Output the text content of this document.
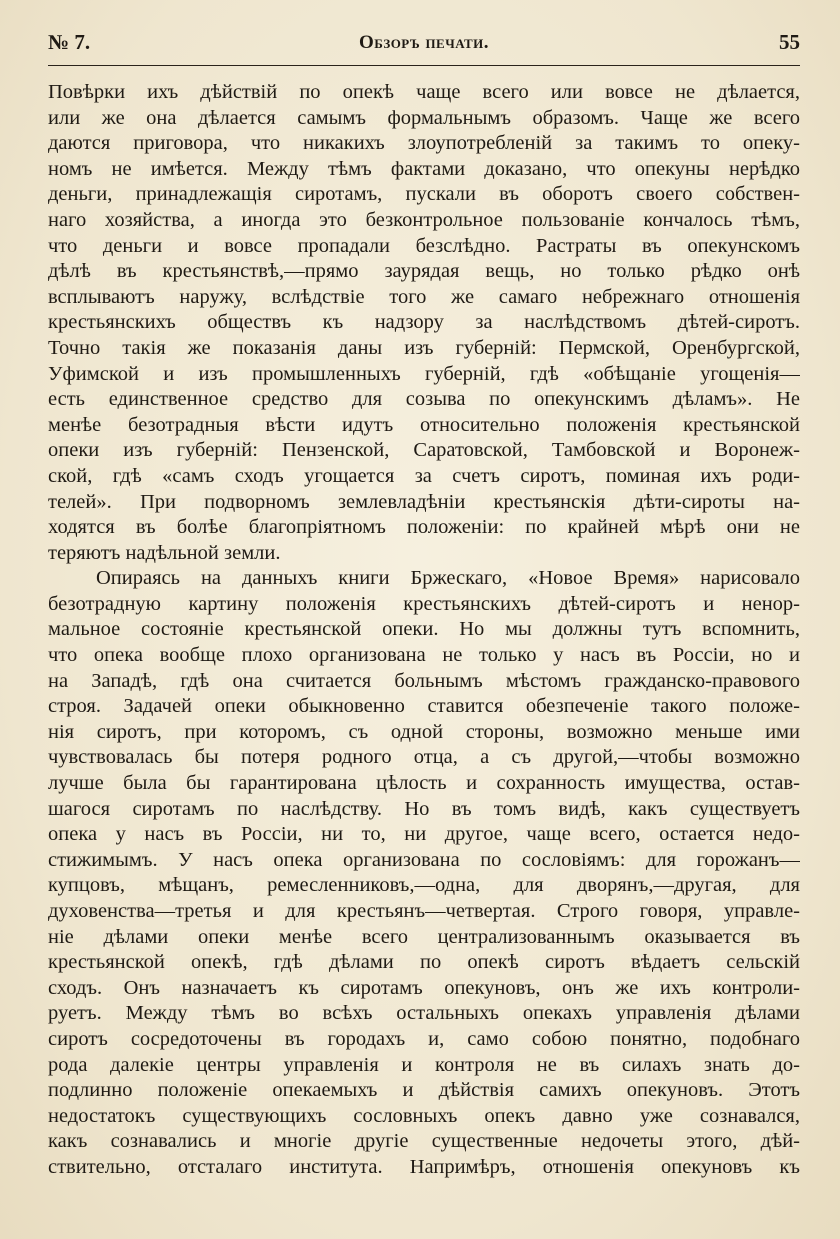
№ 7.	Обзоръ печати.	55
Повѣрки ихъ дѣйствій по опекѣ чаще всего или вовсе не дѣлается,
или же она дѣлается самымъ формальнымъ образомъ. Чаще же всего
даются приговора, что никакихъ злоупотребленій за такимъ то опеку-
номъ не имѣется. Между тѣмъ фактами доказано, что опекуны нерѣдко
деньги, принадлежащія сиротамъ, пускали въ оборотъ своего собствен-
наго хозяйства, а иногда это безконтрольное пользованіе кончалось тѣмъ,
что деньги и вовсе пропадали безслѣдно. Растраты въ опекунскомъ
дѣлѣ въ крестьянствѣ,—прямо заурядая вещь, но только рѣдко онѣ
всплываютъ наружу, вслѣдствіе того же самаго небрежнаго отношенія
крестьянскихъ обществъ къ надзору за наслѣдствомъ дѣтей-сиротъ.
Точно такія же показанія даны изъ губерній: Пермской, Оренбургской,
Уфимской и изъ промышленныхъ губерній, гдѣ «обѣщаніе угощенія—
есть единственное средство для созыва по опекунскимъ дѣламъ». Не
менѣе безотрадныя вѣсти идутъ относительно положенія крестьянской
опеки изъ губерній: Пензенской, Саратовской, Тамбовской и Воронеж-
ской, гдѣ «самъ сходъ угощается за счетъ сиротъ, поминая ихъ роди-
телей». При подворномъ землевладѣніи крестьянскія дѣти-сироты на-
ходятся въ болѣе благопріятномъ положеніи: по крайней мѣрѣ они не
теряютъ надѣльной земли.
Опираясь на данныхъ книги Бржескаго, «Новое Время» нарисовало
безотрадную картину положенія крестьянскихъ дѣтей-сиротъ и ненор-
мальное состояніе крестьянской опеки. Но мы должны тутъ вспомнить,
что опека вообще плохо организована не только у насъ въ Россіи, но и
на Западѣ, гдѣ она считается больнымъ мѣстомъ гражданско-правового
строя. Задачей опеки обыкновенно ставится обезпеченіе такого положе-
нія сиротъ, при которомъ, съ одной стороны, возможно меньше ими
чувствовалась бы потеря родного отца, а съ другой,—чтобы возможно
лучше была бы гарантирована цѣлость и сохранность имущества, остав-
шагося сиротамъ по наслѣдству. Но въ томъ видѣ, какъ существуетъ
опека у насъ въ Россіи, ни то, ни другое, чаще всего, остается недо-
стижимымъ. У насъ опека организована по сословіямъ: для горожанъ—
купцовъ, мѣщанъ, ремесленниковъ,—одна, для дворянъ,—другая, для
духовенства—третья и для крестьянъ—четвертая. Строго говоря, управле-
ніе дѣлами опеки менѣе всего централизованнымъ оказывается въ
крестьянской опекѣ, гдѣ дѣлами по опекѣ сиротъ вѣдаетъ сельскій
сходъ. Онъ назначаетъ къ сиротамъ опекуновъ, онъ же ихъ контроли-
руетъ. Между тѣмъ во всѣхъ остальныхъ опекахъ управленія дѣлами
сиротъ сосредоточены въ городахъ и, само собою понятно, подобнаго
рода далекіе центры управленія и контроля не въ силахъ знать до-
подлинно положеніе опекаемыхъ и дѣйствія самихъ опекуновъ. Этотъ
недостатокъ существующихъ сословныхъ опекъ давно уже сознавался,
какъ сознавались и многіе другіе существенные недочеты этого, дѣй-
ствительно, отсталаго института. Напримѣръ, отношенія опекуновъ къ
